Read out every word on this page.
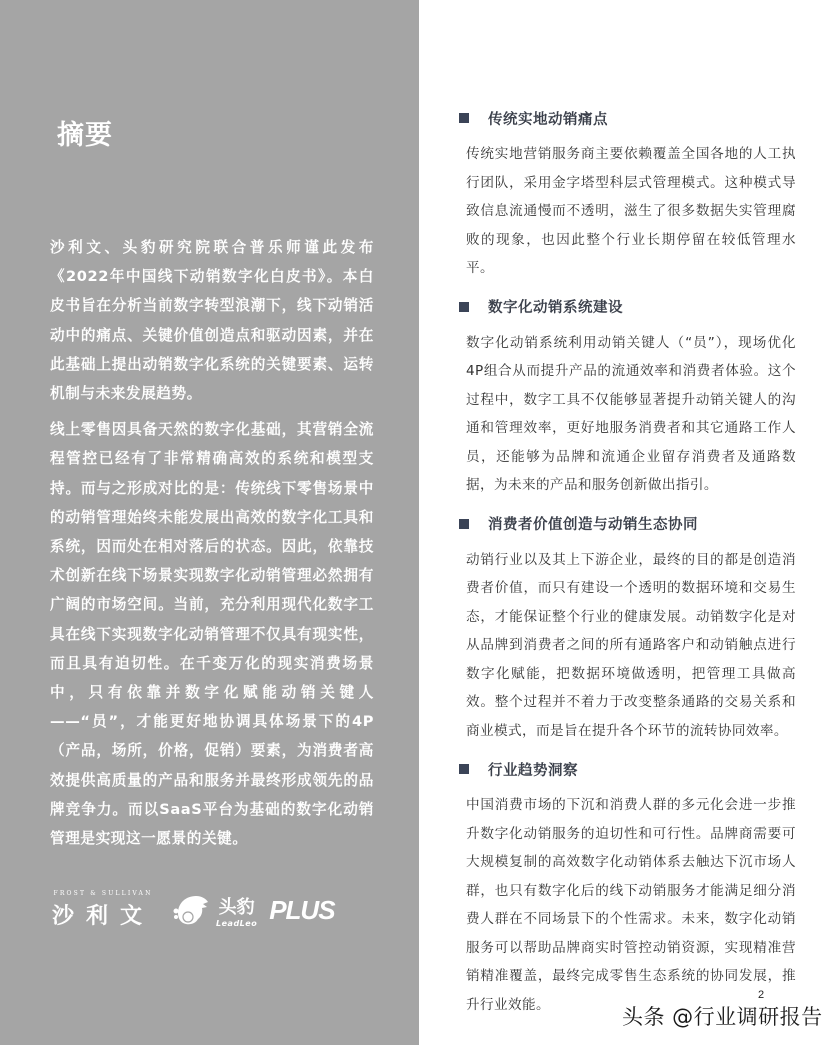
摘要

沙利文、头豹研究院联合普乐师谨此发布《2022年中国线下动销数字化白皮书》。本白皮书旨在分析当前数字转型浪潮下，线下动销活动中的痛点、关键价值创造点和驱动因素，并在此基础上提出动销数字化系统的关键要素、运转机制与未来发展趋势。

线上零售因具备天然的数字化基础，其营销全流程管控已经有了非常精确高效的系统和模型支持。而与之形成对比的是：传统线下零售场景中的动销管理始终未能发展出高效的数字化工具和系统，因而处在相对落后的状态。因此，依靠技术创新在线下场景实现数字化动销管理必然拥有广阔的市场空间。当前，充分利用现代化数字工具在线下实现数字化动销管理不仅具有现实性，而且具有迫切性。在千变万化的现实消费场景中，只有依靠并数字化赋能动销关键人——“员”，才能更好地协调具体场景下的4P（产品，场所，价格，促销）要素，为消费者高效提供高质量的产品和服务并最终形成领先的品牌竞争力。而以SaaS平台为基础的数字化动销管理是实现这一愿景的关键。

FROST & SULLIVAN
沙利文	头豹
LeadLeo PLUS
传统实地动销痛点
传统实地营销服务商主要依赖覆盖全国各地的人工执行团队，采用金字塔型科层式管理模式。这种模式导致信息流通慢而不透明，滋生了很多数据失实管理腐败的现象，也因此整个行业长期停留在较低管理水平。
数字化动销系统建设
数字化动销系统利用动销关键人（“员”），现场优化4P组合从而提升产品的流通效率和消费者体验。这个过程中，数字工具不仅能够显著提升动销关键人的沟通和管理效率，更好地服务消费者和其它通路工作人员，还能够为品牌和流通企业留存消费者及通路数据，为未来的产品和服务创新做出指引。
消费者价值创造与动销生态协同
动销行业以及其上下游企业，最终的目的都是创造消费者价值，而只有建设一个透明的数据环境和交易生态，才能保证整个行业的健康发展。动销数字化是对从品牌到消费者之间的所有通路客户和动销触点进行数字化赋能，把数据环境做透明，把管理工具做高效。整个过程并不着力于改变整条通路的交易关系和商业模式，而是旨在提升各个环节的流转协同效率。
行业趋势洞察
中国消费市场的下沉和消费人群的多元化会进一步推升数字化动销服务的迫切性和可行性。品牌商需要可大规模复制的高效数字化动销体系去触达下沉市场人群，也只有数字化后的线下动销服务才能满足细分消费人群在不同场景下的个性需求。未来，数字化动销服务可以帮助品牌商实时管控动销资源，实现精准营销精准覆盖，最终完成零售生态系统的协同发展，推升行业效能。
2
头条 @行业调研报告
